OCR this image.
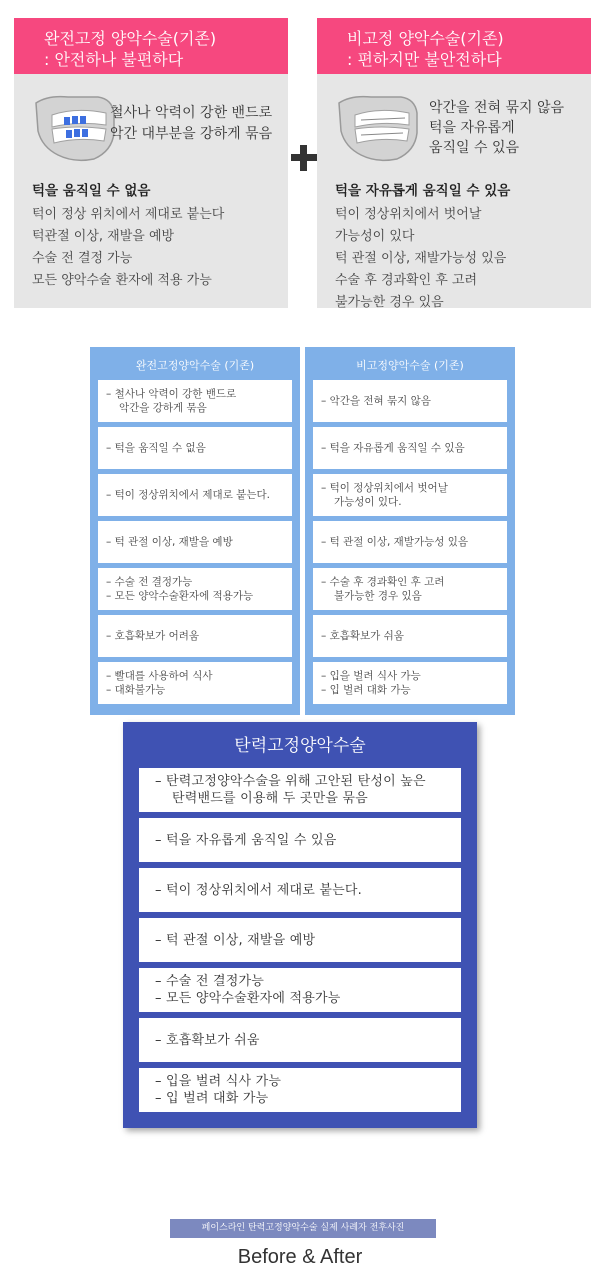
완전고정 양악수술(기존)
: 안전하나 불편하다
철사나 악력이 강한 밴드로
악간 대부분을 강하게 묶음
턱을 움직일 수 없음
턱이 정상 위치에서 제대로 붙는다
턱관절 이상, 재발을 예방
수술 전 결정 가능
모든 양악수술 환자에 적용 가능
비고정 양악수술(기존)
: 편하지만 불안전하다
악간을 전혀 묶지 않음
턱을 자유롭게
움직일 수 있음
턱을 자유롭게 움직일 수 있음
턱이 정상위치에서 벗어날
가능성이 있다
턱 관절 이상, 재발가능성 있음
수술 후 경과확인 후 고려
불가능한 경우 있음
완전고정양악수술 (기존)
– 철사나 악력이 강한 밴드로
악간을 강하게 묶음
– 턱을 움직일 수 없음
– 턱이 정상위치에서 제대로 붙는다.
– 턱 관절 이상, 재발을 예방
– 수술 전 결정가능
– 모든 양악수술환자에 적용가능
– 호흡확보가 어려움
– 빨대를 사용하여 식사
– 대화불가능
비고정양악수술 (기존)
– 악간을 전혀 묶지 않음
– 턱을 자유롭게 움직일 수 있음
– 턱이 정상위치에서 벗어날
가능성이 있다.
– 턱 관절 이상, 재발가능성 있음
– 수술 후 경과확인 후 고려
불가능한 경우 있음
– 호흡확보가 쉬움
– 입을 벌려 식사 가능
– 입 벌려 대화 가능
탄력고정양악수술
– 탄력고정양악수술을 위해 고안된 탄성이 높은
탄력밴드를 이용해 두 곳만을 묶음
– 턱을 자유롭게 움직일 수 있음
– 턱이 정상위치에서 제대로 붙는다.
– 턱 관절 이상, 재발을 예방
– 수술 전 결정가능
– 모든 양악수술환자에 적용가능
– 호흡확보가 쉬움
– 입을 벌려 식사 가능
– 입 벌려 대화 가능
페이스라인 탄력고정양악수술 실제 사례자 전후사진
Before & After
